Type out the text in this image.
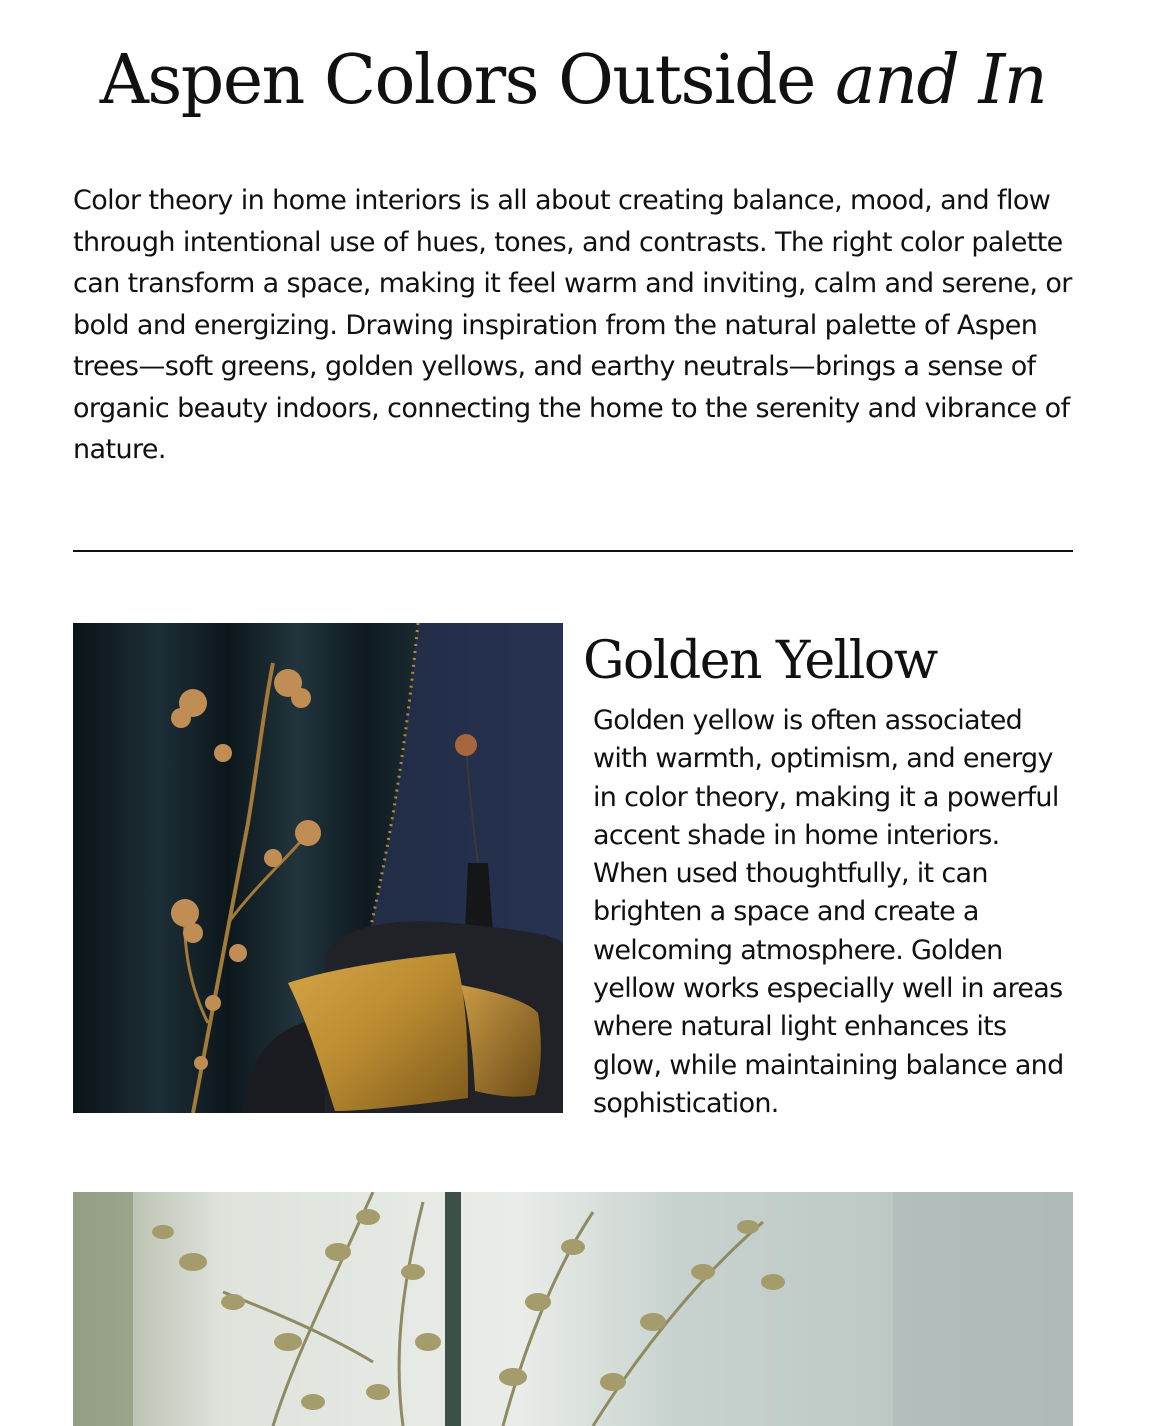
Aspen Colors Outside and In

Color theory in home interiors is all about creating balance, mood, and flow through intentional use of hues, tones, and contrasts. The right color palette can transform a space, making it feel warm and inviting, calm and serene, or bold and energizing. Drawing inspiration from the natural palette of Aspen trees—soft greens, golden yellows, and earthy neutrals—brings a sense of organic beauty indoors, connecting the home to the serenity and vibrance of nature.

Golden Yellow

Golden yellow is often associated with warmth, optimism, and energy in color theory, making it a powerful accent shade in home interiors. When used thoughtfully, it can brighten a space and create a welcoming atmosphere. Golden yellow works especially well in areas where natural light enhances its glow, while maintaining balance and sophistication.
